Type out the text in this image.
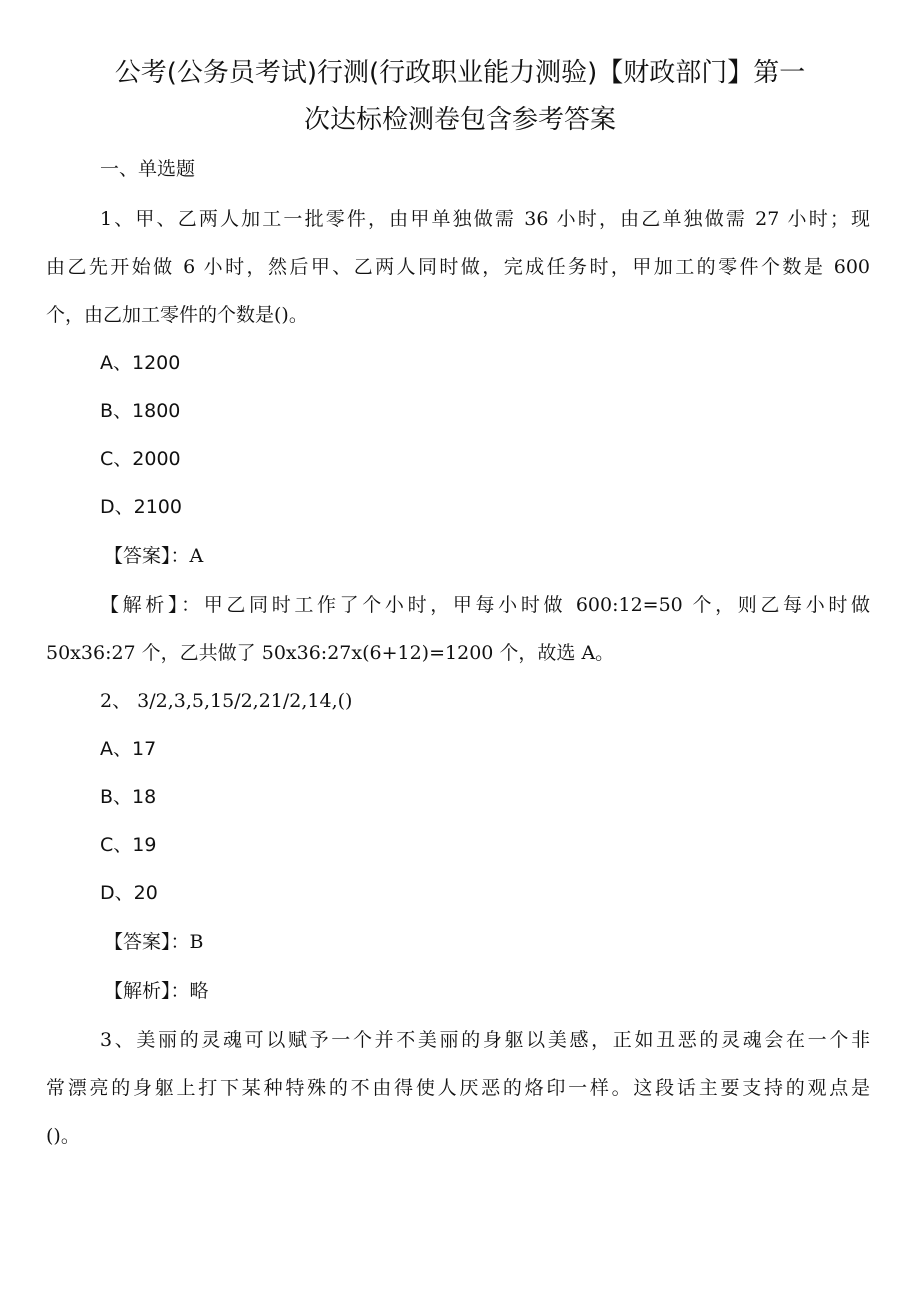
公考(公务员考试)行测(行政职业能力测验)【财政部门】第一
次达标检测卷包含参考答案
一、单选题
1、甲、乙两人加工一批零件，由甲单独做需 36 小时，由乙单独做需 27 小时；现
由乙先开始做 6 小时，然后甲、乙两人同时做，完成任务时，甲加工的零件个数是 600
个，由乙加工零件的个数是()。
A、1200
B、1800
C、2000
D、2100
【答案】：A
【解析】：甲乙同时工作了个小时，甲每小时做 600:12=50 个，则乙每小时做
50x36:27 个，乙共做了 50x36:27x(6+12)=1200 个，故选 A。
2、 3/2,3,5,15/2,21/2,14,()
A、17
B、18
C、19
D、20
【答案】：B
【解析】：略
3、美丽的灵魂可以赋予一个并不美丽的身躯以美感，正如丑恶的灵魂会在一个非
常漂亮的身躯上打下某种特殊的不由得使人厌恶的烙印一样。这段话主要支持的观点是
()。
